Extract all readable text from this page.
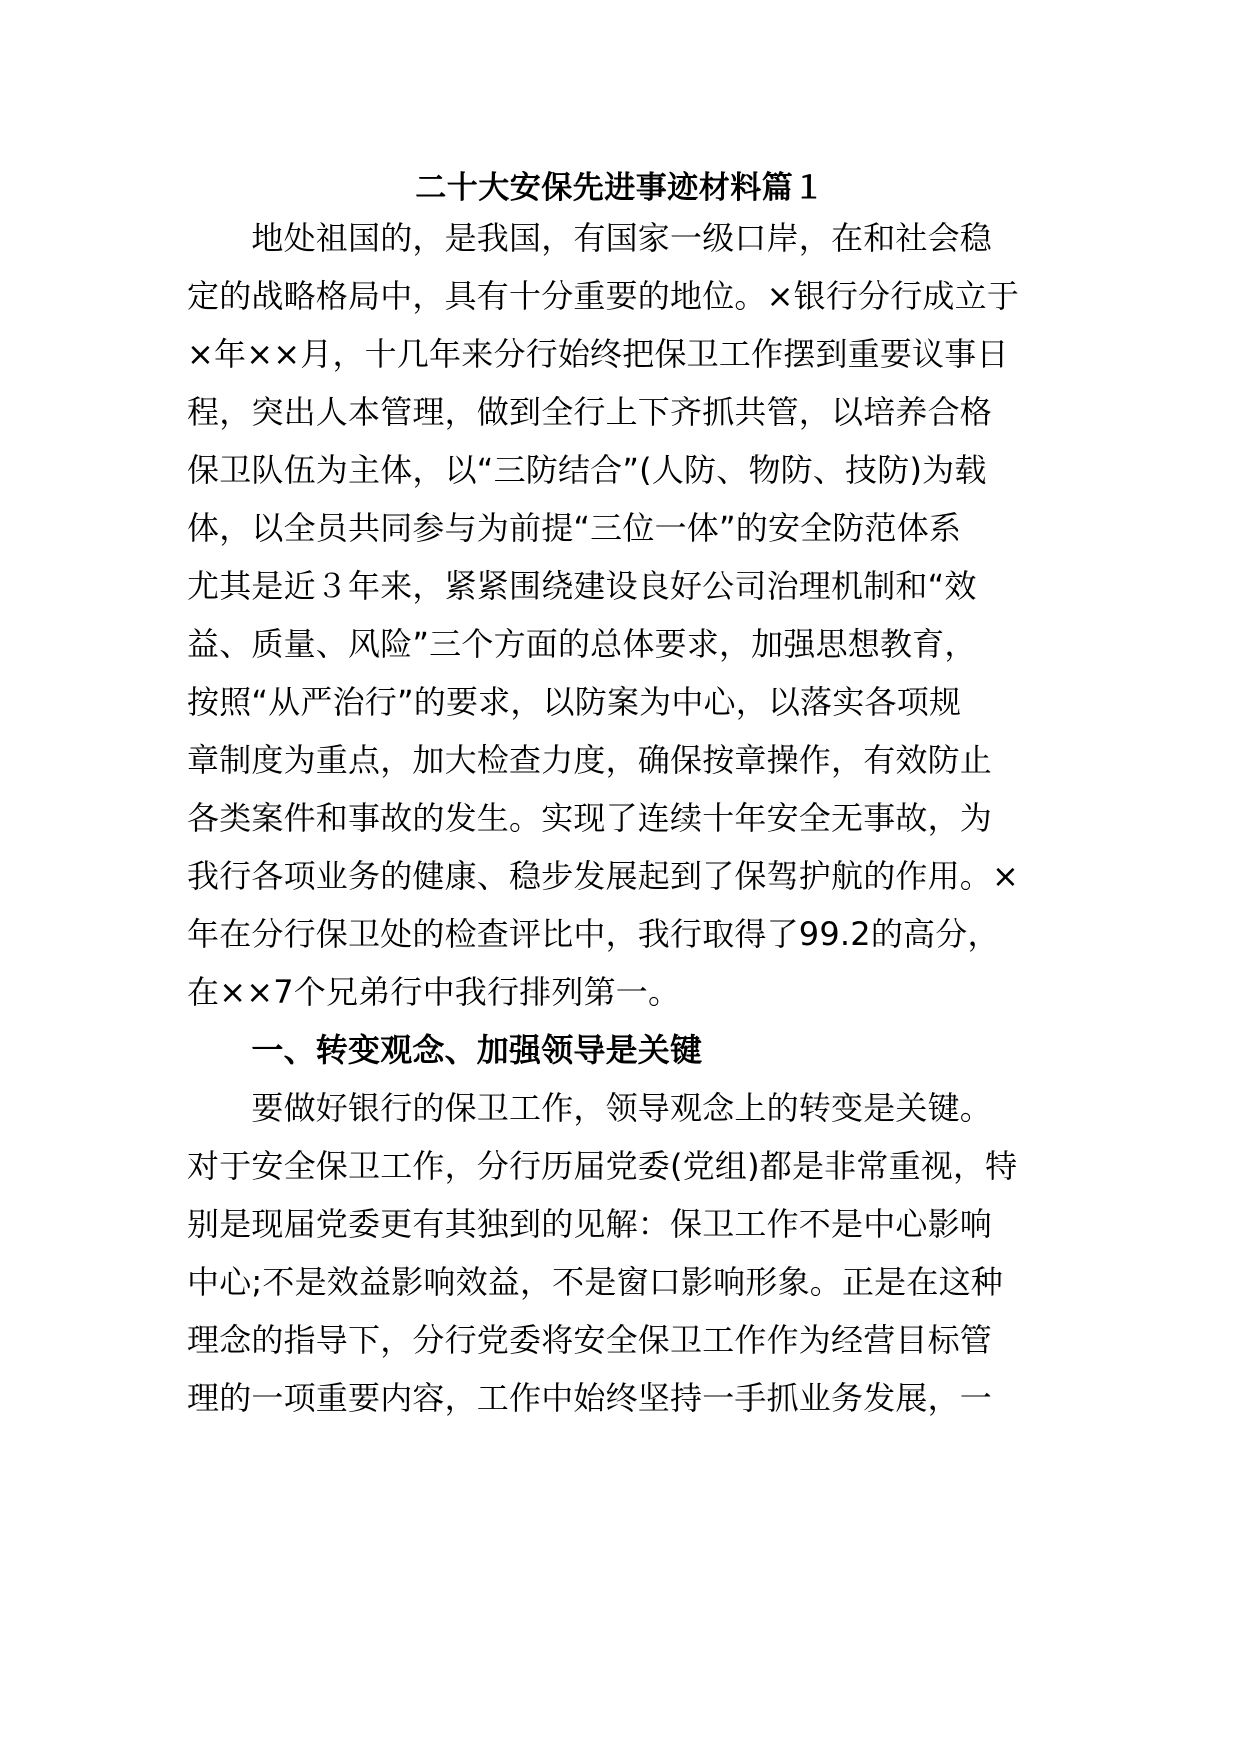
二十大安保先进事迹材料篇１
　　地处祖国的，是我国，有国家一级口岸，在和社会稳
定的战略格局中，具有十分重要的地位。×银行分行成立于
×年××月，十几年来分行始终把保卫工作摆到重要议事日
程，突出人本管理，做到全行上下齐抓共管，以培养合格
保卫队伍为主体，以“三防结合”(人防、物防、技防)为载
体，以全员共同参与为前提“三位一体”的安全防范体系
尤其是近３年来，紧紧围绕建设良好公司治理机制和“效
益、质量、风险”三个方面的总体要求，加强思想教育，
按照“从严治行”的要求，以防案为中心，以落实各项规
章制度为重点，加大检查力度，确保按章操作，有效防止
各类案件和事故的发生。实现了连续十年安全无事故，为
我行各项业务的健康、稳步发展起到了保驾护航的作用。×
年在分行保卫处的检查评比中，我行取得了99.2的高分，
在××7个兄弟行中我行排列第一。
　　一、转变观念、加强领导是关键
　　要做好银行的保卫工作，领导观念上的转变是关键。
对于安全保卫工作，分行历届党委(党组)都是非常重视，特
别是现届党委更有其独到的见解：保卫工作不是中心影响
中心;不是效益影响效益，不是窗口影响形象。正是在这种
理念的指导下，分行党委将安全保卫工作作为经营目标管
理的一项重要内容，工作中始终坚持一手抓业务发展，一
